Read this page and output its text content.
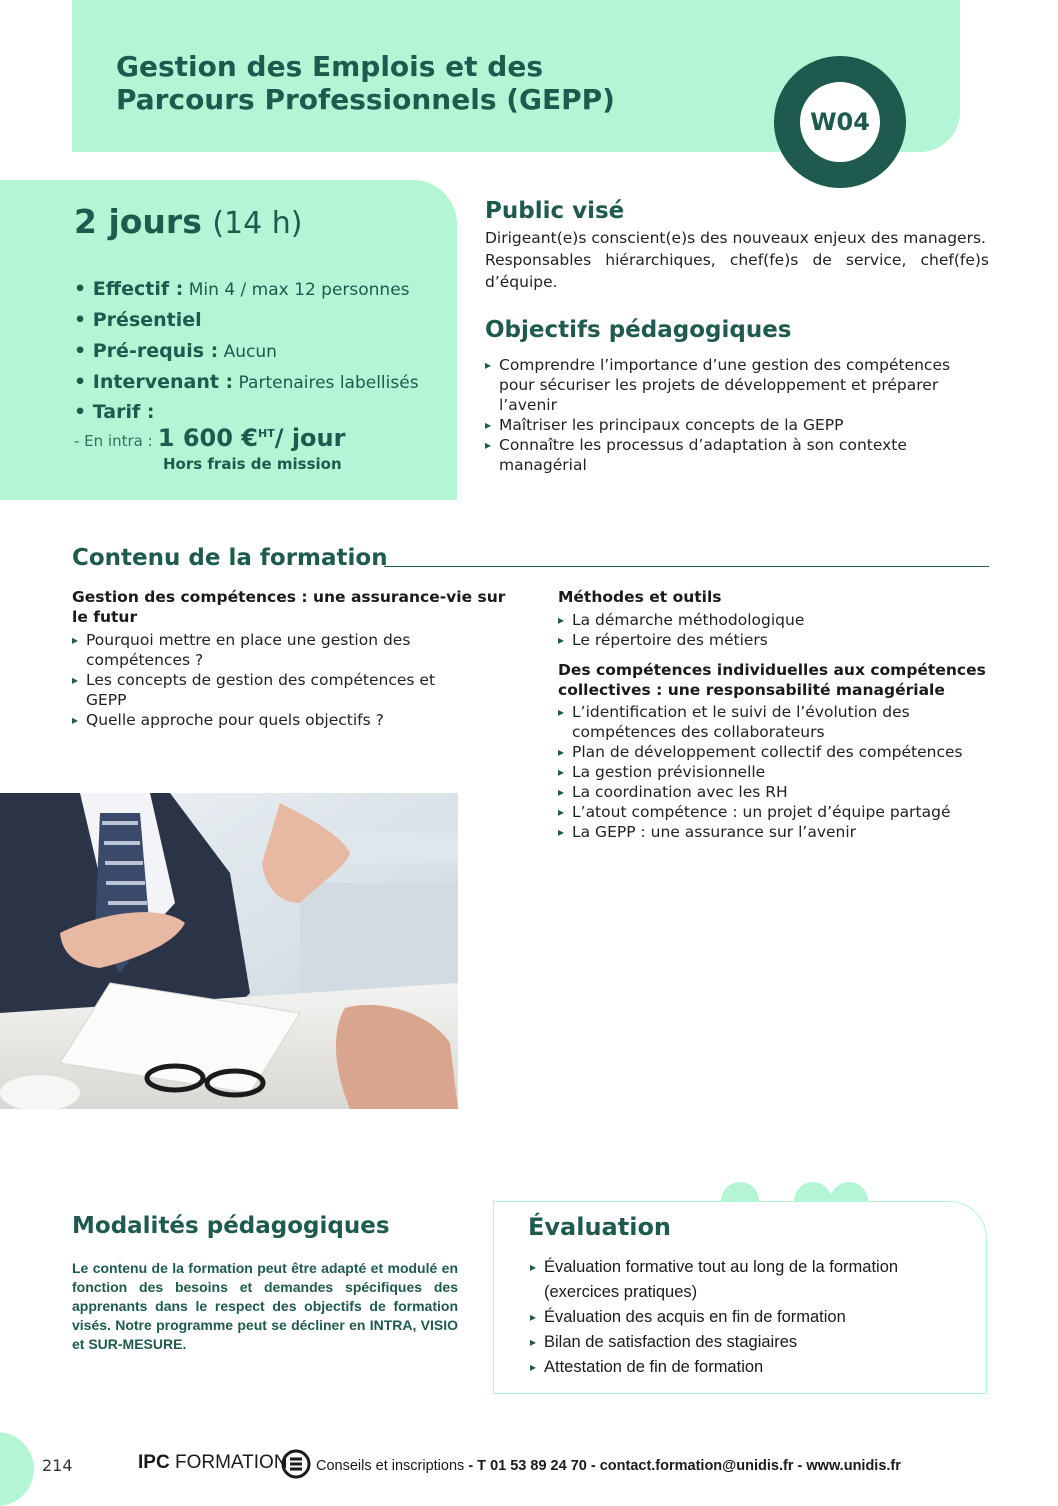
Gestion des Emplois et des
Parcours Professionnels (GEPP)
W04
2 jours (14 h)
• Effectif : Min 4 / max 12 personnes
• Présentiel
• Pré-requis : Aucun
• Intervenant : Partenaires labellisés
• Tarif :
- En intra : 1 600 €$^{HT}$/ jour
Hors frais de mission
Public visé
Dirigeant(e)s conscient(e)s des nouveaux enjeux des managers.
Responsables hiérarchiques, chef(fe)s de service, chef(fe)s
d’équipe.
Objectifs pédagogiques
▸ Comprendre l’importance d’une gestion des compétences pour sécuriser les projets de développement et préparer l’avenir
▸ Maîtriser les principaux concepts de la GEPP
▸ Connaître les processus d’adaptation à son contexte managérial
Contenu de la formation

Gestion des compétences : une assurance-vie sur le futur

▸ Pourquoi mettre en place une gestion des compétences ?
▸ Les concepts de gestion des compétences et GEPP
▸ Quelle approche pour quels objectifs ?

Méthodes et outils

▸ La démarche méthodologique
▸ Le répertoire des métiers

Des compétences individuelles aux compétences collectives : une responsabilité managériale

▸ L’identification et le suivi de l’évolution des compétences des collaborateurs
▸ Plan de développement collectif des compétences
▸ La gestion prévisionnelle
▸ La coordination avec les RH
▸ L’atout compétence : un projet d’équipe partagé
▸ La GEPP : une assurance sur l’avenir
Modalités pédagogiques
Le contenu de la formation peut être adapté et modulé en fonction des besoins et demandes spécifiques des apprenants dans le respect des objectifs de formation visés. Notre programme peut se décliner en INTRA, VISIO et SUR-MESURE.
Évaluation
▸ Évaluation formative tout au long de la formation (exercices pratiques)
▸ Évaluation des acquis en fin de formation
▸ Bilan de satisfaction des stagiaires
▸ Attestation de fin de formation
214	IPC FORMATION Conseils et inscriptions - T 01 53 89 24 70 - contact.formation@unidis.fr - www.unidis.fr
